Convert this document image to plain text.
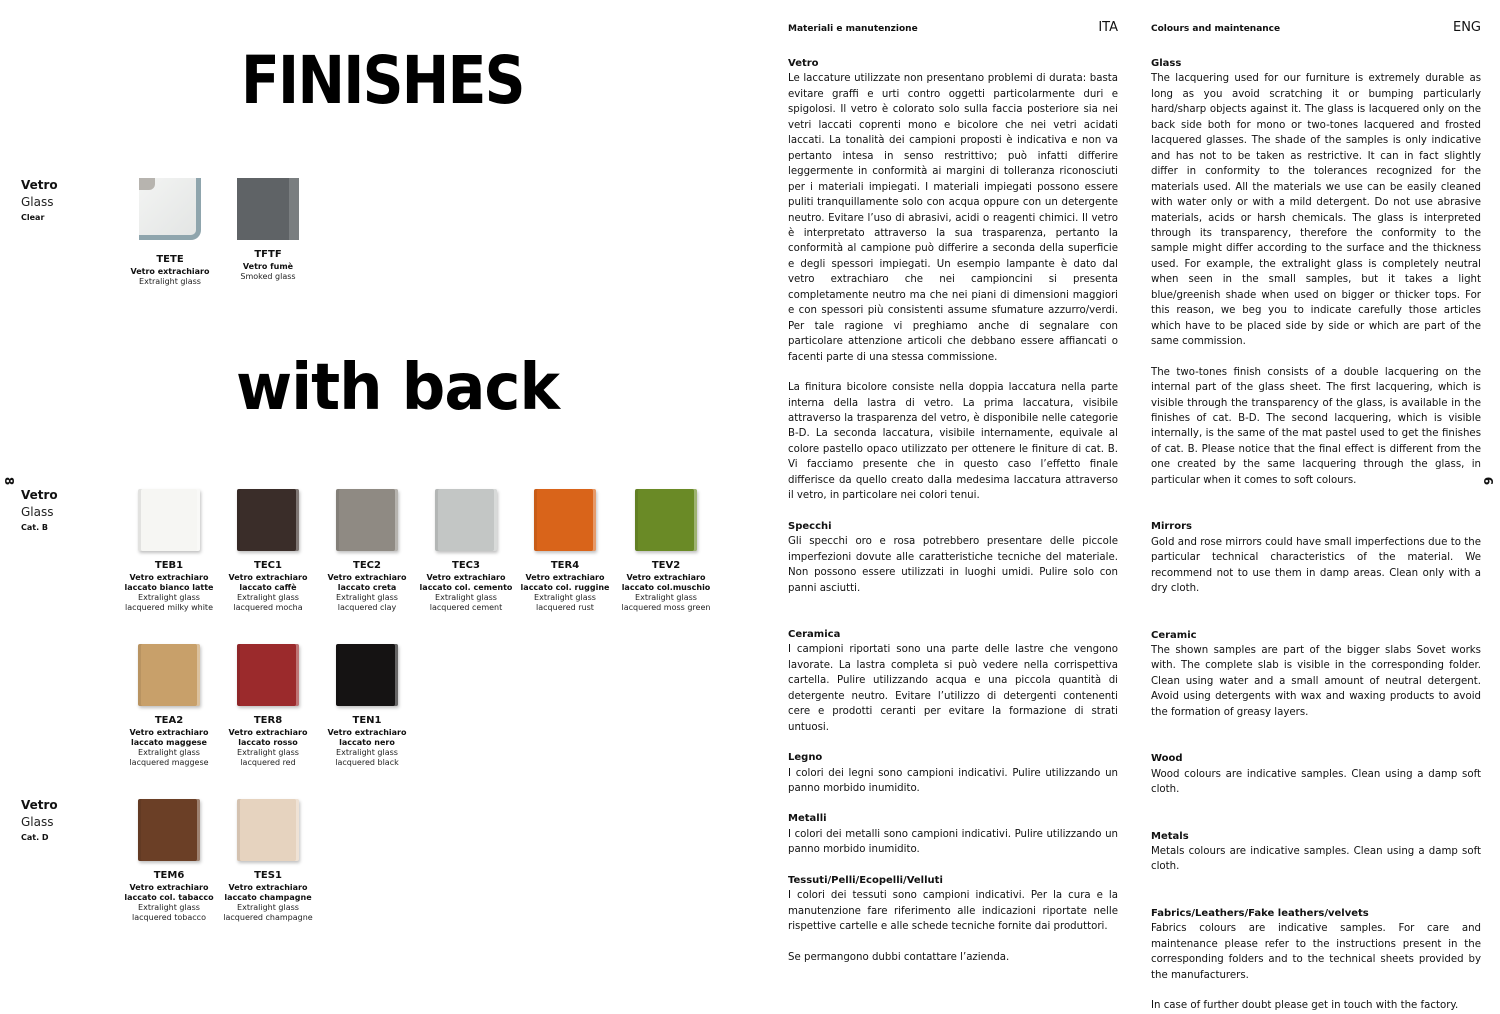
FINISHES
with back
8	9
Vetro
Glass
Clear
Vetro
Glass
Cat. B
Vetro
Glass
Cat. D
TETE
Vetro extrachiaro
Extralight glass
TFTF
Vetro fumè
Smoked glass
TEB1
Vetro extrachiaro laccato bianco latte
Extralight glass lacquered milky white
TEC1
Vetro extrachiaro laccato caffè
Extralight glass lacquered mocha
TEC2
Vetro extrachiaro laccato creta
Extralight glass lacquered clay
TEC3
Vetro extrachiaro laccato col. cemento
Extralight glass lacquered cement
TER4
Vetro extrachiaro laccato col. ruggine
Extralight glass lacquered rust
TEV2
Vetro extrachiaro laccato col.muschio
Extralight glass lacquered moss green
TEA2
Vetro extrachiaro laccato maggese
Extralight glass lacquered maggese
TER8
Vetro extrachiaro laccato rosso
Extralight glass lacquered red
TEN1
Vetro extrachiaro laccato nero
Extralight glass lacquered black
TEM6
Vetro extrachiaro laccato col. tabacco
Extralight glass lacquered tobacco
TES1
Vetro extrachiaro laccato champagne
Extralight glass lacquered champagne
Materiali e manutenzione	ITA
Vetro

Le laccature utilizzate non presentano problemi di durata: basta evitare graffi e urti contro oggetti particolarmente duri e spigolosi. Il vetro è colorato solo sulla faccia posteriore sia nei vetri laccati coprenti mono e bicolore che nei vetri acidati laccati. La tonalità dei campioni proposti è indicativa e non va pertanto intesa in senso restrittivo; può infatti differire leggermente in conformità ai margini di tolleranza riconosciuti per i materiali impiegati. I materiali impiegati possono essere puliti tranquillamente solo con acqua oppure con un detergente neutro. Evitare l’uso di abrasivi, acidi o reagenti chimici. Il vetro è interpretato attraverso la sua trasparenza, pertanto la conformità al campione può differire a seconda della superficie e degli spessori impiegati. Un esempio lampante è dato dal vetro extrachiaro che nei campioncini si presenta completamente neutro ma che nei piani di dimensioni maggiori e con spessori più consistenti assume sfumature azzurro/verdi. Per tale ragione vi preghiamo anche di segnalare con particolare attenzione articoli che debbano essere affiancati o facenti parte di una stessa commissione.

La finitura bicolore consiste nella doppia laccatura nella parte interna della lastra di vetro. La prima laccatura, visibile attraverso la trasparenza del vetro, è disponibile nelle categorie B-D. La seconda laccatura, visibile internamente, equivale al colore pastello opaco utilizzato per ottenere le finiture di cat. B. Vi facciamo presente che in questo caso l’effetto finale differisce da quello creato dalla medesima laccatura attraverso il vetro, in particolare nei colori tenui.

Specchi

Gli specchi oro e rosa potrebbero presentare delle piccole imperfezioni dovute alle caratteristiche tecniche del materiale. Non possono essere utilizzati in luoghi umidi. Pulire solo con panni asciutti.

Ceramica

I campioni riportati sono una parte delle lastre che vengono lavorate. La lastra completa si può vedere nella corrispettiva cartella. Pulire utilizzando acqua e una piccola quantità di detergente neutro. Evitare l’utilizzo di detergenti contenenti cere e prodotti ceranti per evitare la formazione di strati untuosi.

Legno

I colori dei legni sono campioni indicativi. Pulire utilizzando un panno morbido inumidito.

Metalli

I colori dei metalli sono campioni indicativi. Pulire utilizzando un panno morbido inumidito.

Tessuti/Pelli/Ecopelli/Velluti

I colori dei tessuti sono campioni indicativi. Per la cura e la manutenzione fare riferimento alle indicazioni riportate nelle rispettive cartelle e alle schede tecniche fornite dai produttori.

Se permangono dubbi contattare l’azienda.

Colours and maintenance	ENG
Glass

The lacquering used for our furniture is extremely durable as long as you avoid scratching it or bumping particularly hard/sharp objects against it. The glass is lacquered only on the back side both for mono or two-tones lacquered and frosted lacquered glasses. The shade of the samples is only indicative and has not to be taken as restrictive. It can in fact slightly differ in conformity to the tolerances recognized for the materials used. All the materials we use can be easily cleaned with water only or with a mild detergent. Do not use abrasive materials, acids or harsh chemicals. The glass is interpreted through its transparency, therefore the conformity to the sample might differ according to the surface and the thickness used. For example, the extralight glass is completely neutral when seen in the small samples, but it takes a light blue/greenish shade when used on bigger or thicker tops. For this reason, we beg you to indicate carefully those articles which have to be placed side by side or which are part of the same commission.

The two-tones finish consists of a double lacquering on the internal part of the glass sheet. The first lacquering, which is visible through the transparency of the glass, is available in the finishes of cat. B-D. The second lacquering, which is visible internally, is the same of the mat pastel used to get the finishes of cat. B. Please notice that the final effect is different from the one created by the same lacquering through the glass, in particular when it comes to soft colours.

Mirrors

Gold and rose mirrors could have small imperfections due to the particular technical characteristics of the material. We recommend not to use them in damp areas. Clean only with a dry cloth.

Ceramic

The shown samples are part of the bigger slabs Sovet works with. The complete slab is visible in the corresponding folder. Clean using water and a small amount of neutral detergent. Avoid using detergents with wax and waxing products to avoid the formation of greasy layers.

Wood

Wood colours are indicative samples. Clean using a damp soft cloth.

Metals

Metals colours are indicative samples. Clean using a damp soft cloth.

Fabrics/Leathers/Fake leathers/velvets

Fabrics colours are indicative samples. For care and maintenance please refer to the instructions present in the corresponding folders and to the technical sheets provided by the manufacturers.

In case of further doubt please get in touch with the factory.
